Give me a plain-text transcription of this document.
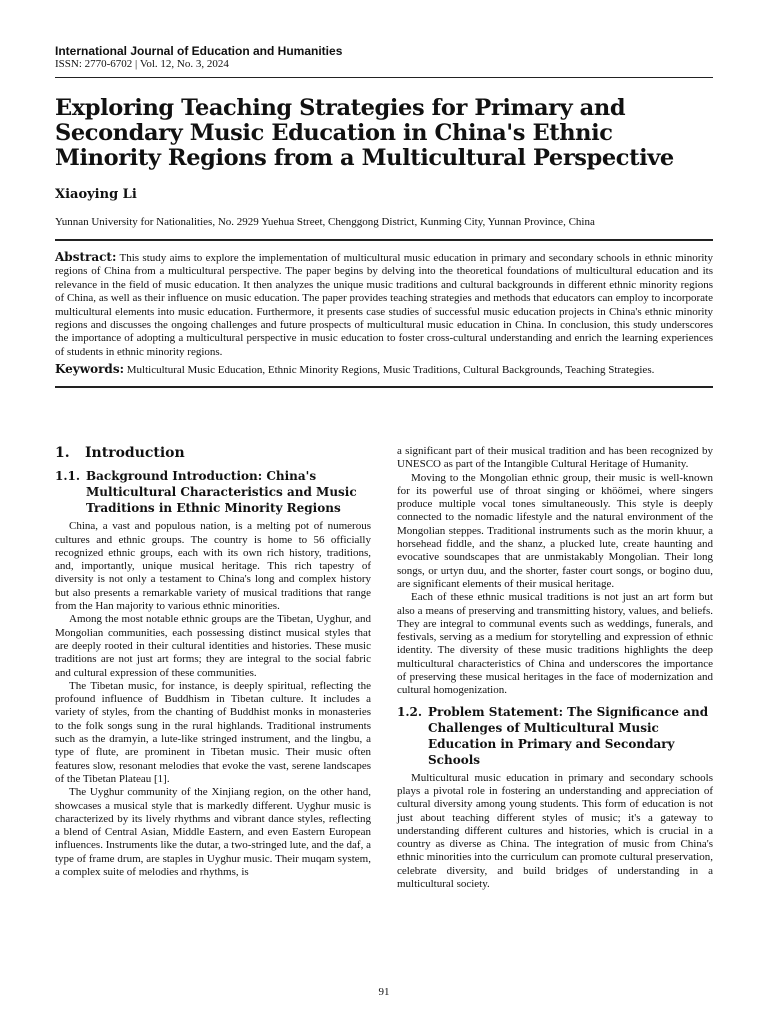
International Journal of Education and Humanities
ISSN: 2770-6702 | Vol. 12, No. 3, 2024
Exploring Teaching Strategies for Primary and Secondary Music Education in China's Ethnic Minority Regions from a Multicultural Perspective
Xiaoying Li
Yunnan University for Nationalities, No. 2929 Yuehua Street, Chenggong District, Kunming City, Yunnan Province, China
Abstract: This study aims to explore the implementation of multicultural music education in primary and secondary schools in ethnic minority regions of China from a multicultural perspective. The paper begins by delving into the theoretical foundations of multicultural education and its relevance in the field of music education. It then analyzes the unique music traditions and cultural backgrounds in different ethnic minority regions of China, as well as their influence on music education. The paper provides teaching strategies and methods that educators can employ to incorporate multicultural elements into music education. Furthermore, it presents case studies of successful music education projects in China's ethnic minority regions and discusses the ongoing challenges and future prospects of multicultural music education in China. In conclusion, this study underscores the importance of adopting a multicultural perspective in music education to foster cross-cultural understanding and enrich the learning experiences of students in ethnic minority regions.
Keywords: Multicultural Music Education, Ethnic Minority Regions, Music Traditions, Cultural Backgrounds, Teaching Strategies.
1.	Introduction
1.1. Background Introduction: China's Multicultural Characteristics and Music Traditions in Ethnic Minority Regions

China, a vast and populous nation, is a melting pot of numerous cultures and ethnic groups. The country is home to 56 officially recognized ethnic groups, each with its own rich history, traditions, and, importantly, unique musical heritage. This rich tapestry of diversity is not only a testament to China's long and complex history but also presents a remarkable variety of musical traditions that range from the Han majority to various ethnic minorities.

Among the most notable ethnic groups are the Tibetan, Uyghur, and Mongolian communities, each possessing distinct musical styles that are deeply rooted in their cultural identities and histories. These music traditions are not just art forms; they are integral to the social fabric and cultural expression of these communities.

The Tibetan music, for instance, is deeply spiritual, reflecting the profound influence of Buddhism in Tibetan culture. It includes a variety of styles, from the chanting of Buddhist monks in monasteries to the folk songs sung in the rural highlands. Traditional instruments such as the dramyin, a lute-like stringed instrument, and the lingbu, a type of flute, are prominent in Tibetan music. Their music often features slow, resonant melodies that evoke the vast, serene landscapes of the Tibetan Plateau [1].

The Uyghur community of the Xinjiang region, on the other hand, showcases a musical style that is markedly different. Uyghur music is characterized by its lively rhythms and vibrant dance styles, reflecting a blend of Central Asian, Middle Eastern, and even Eastern European influences. Instruments like the dutar, a two-stringed lute, and the daf, a type of frame drum, are staples in Uyghur music. Their muqam system, a complex suite of melodies and rhythms, is

a significant part of their musical tradition and has been recognized by UNESCO as part of the Intangible Cultural Heritage of Humanity.

Moving to the Mongolian ethnic group, their music is well-known for its powerful use of throat singing or khöömei, where singers produce multiple vocal tones simultaneously. This style is deeply connected to the nomadic lifestyle and the natural environment of the Mongolian steppes. Traditional instruments such as the morin khuur, a horsehead fiddle, and the shanz, a plucked lute, create haunting and evocative soundscapes that are unmistakably Mongolian. Their long songs, or urtyn duu, and the shorter, faster court songs, or bogino duu, are significant elements of their musical heritage.

Each of these ethnic musical traditions is not just an art form but also a means of preserving and transmitting history, values, and beliefs. They are integral to communal events such as weddings, funerals, and festivals, serving as a medium for storytelling and expression of ethnic identity. The diversity of these music traditions highlights the deep multicultural characteristics of China and underscores the importance of preserving these musical heritages in the face of modernization and cultural homogenization.

1.2. Problem Statement: The Significance and Challenges of Multicultural Music Education in Primary and Secondary Schools

Multicultural music education in primary and secondary schools plays a pivotal role in fostering an understanding and appreciation of cultural diversity among young students. This form of education is not just about teaching different styles of music; it's a gateway to understanding different cultures and histories, which is crucial in a country as diverse as China. The integration of music from China's ethnic minorities into the curriculum can promote cultural preservation, celebrate diversity, and build bridges of understanding in a multicultural society.

91
